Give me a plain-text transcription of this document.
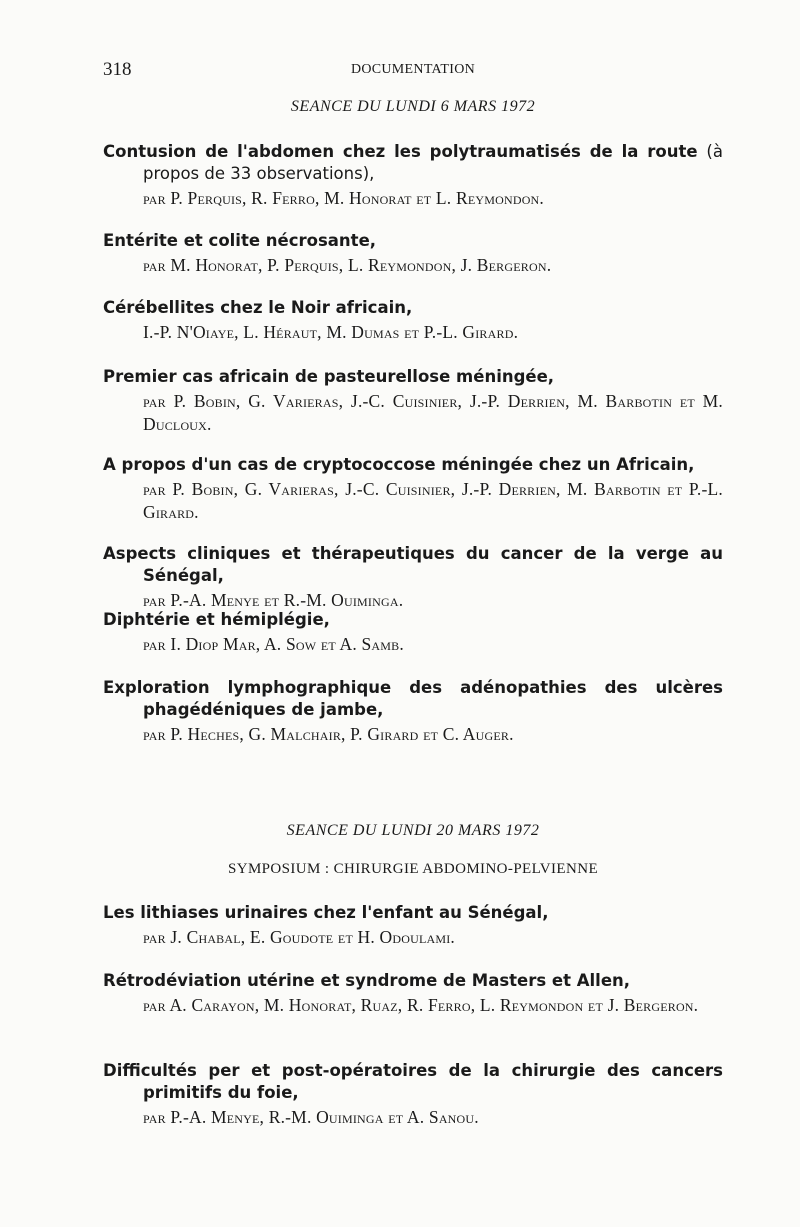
318	DOCUMENTATION
SEANCE DU LUNDI 6 MARS 1972
Contusion de l'abdomen chez les polytraumatisés de la route (à propos de 33 observations),
par P. Perquis, R. Ferro, M. Honorat et L. Reymondon.
Entérite et colite nécrosante,
par M. Honorat, P. Perquis, L. Reymondon, J. Bergeron.
Cérébellites chez le Noir africain,
I.-P. N'Oiaye, L. Héraut, M. Dumas et P.-L. Girard.
Premier cas africain de pasteurellose méningée,
par P. Bobin, G. Varieras, J.-C. Cuisinier, J.-P. Derrien, M. Barbotin et M. Ducloux.
A propos d'un cas de cryptococcose méningée chez un Africain,
par P. Bobin, G. Varieras, J.-C. Cuisinier, J.-P. Derrien, M. Barbotin et P.-L. Girard.
Aspects cliniques et thérapeutiques du cancer de la verge au Sénégal,
par P.-A. Menye et R.-M. Ouiminga.
Diphtérie et hémiplégie,
par I. Diop Mar, A. Sow et A. Samb.
Exploration lymphographique des adénopathies des ulcères phagédéniques de jambe,
par P. Heches, G. Malchair, P. Girard et C. Auger.
SEANCE DU LUNDI 20 MARS 1972
SYMPOSIUM : CHIRURGIE ABDOMINO-PELVIENNE
Les lithiases urinaires chez l'enfant au Sénégal,
par J. Chabal, E. Goudote et H. Odoulami.
Rétrodéviation utérine et syndrome de Masters et Allen,
par A. Carayon, M. Honorat, Ruaz, R. Ferro, L. Reymondon et J. Bergeron.
Difficultés per et post-opératoires de la chirurgie des cancers primitifs du foie,
par P.-A. Menye, R.-M. Ouiminga et A. Sanou.
